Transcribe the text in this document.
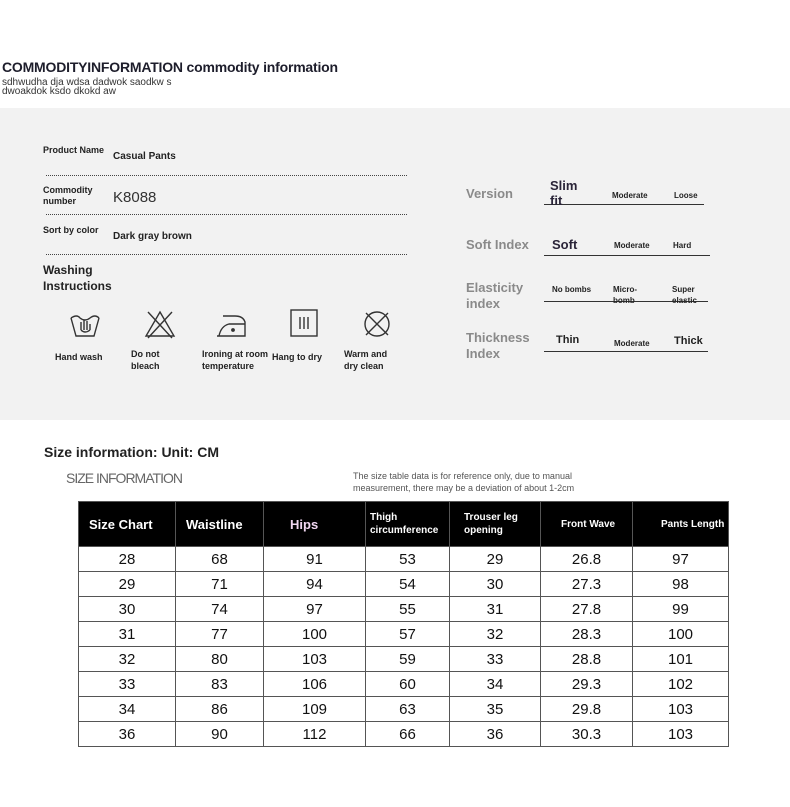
COMMODITYINFORMATION commodity information
sdhwudha dja wdsa dadwok saodkw s
dwoakdok ksdo dkokd aw
Product Name
Casual Pants
Commodity number	K8088
Sort by color
Dark gray brown
Washing Instructions
Hand wash	Do not bleach
Ironing at room temperature
Hang to dry Warm and dry clean
Version
Slim fit	Moderate	Loose
Soft Index Soft	Moderate	Hard
Elasticity index
No bombs	Micro-bomb
Super elastic
Thickness Index
Thin	Moderate Thick
Size information: Unit: CM
SIZE INFORMATION	The size table data is for reference only, due to manual
measurement, there may be a deviation of about 1-2cm
Size Chart	Waistline	Hips	Thigh circumference	Trouser leg opening	Front Wave	Pants Length
28	68	91	53	29	26.8	97
29	71	94	54	30	27.3	98
30	74	97	55	31	27.8	99
31	77	100	57	32	28.3	100
32	80	103	59	33	28.8	101
33	83	106	60	34	29.3	102
34	86	109	63	35	29.8	103
36	90	112	66	36	30.3	103
